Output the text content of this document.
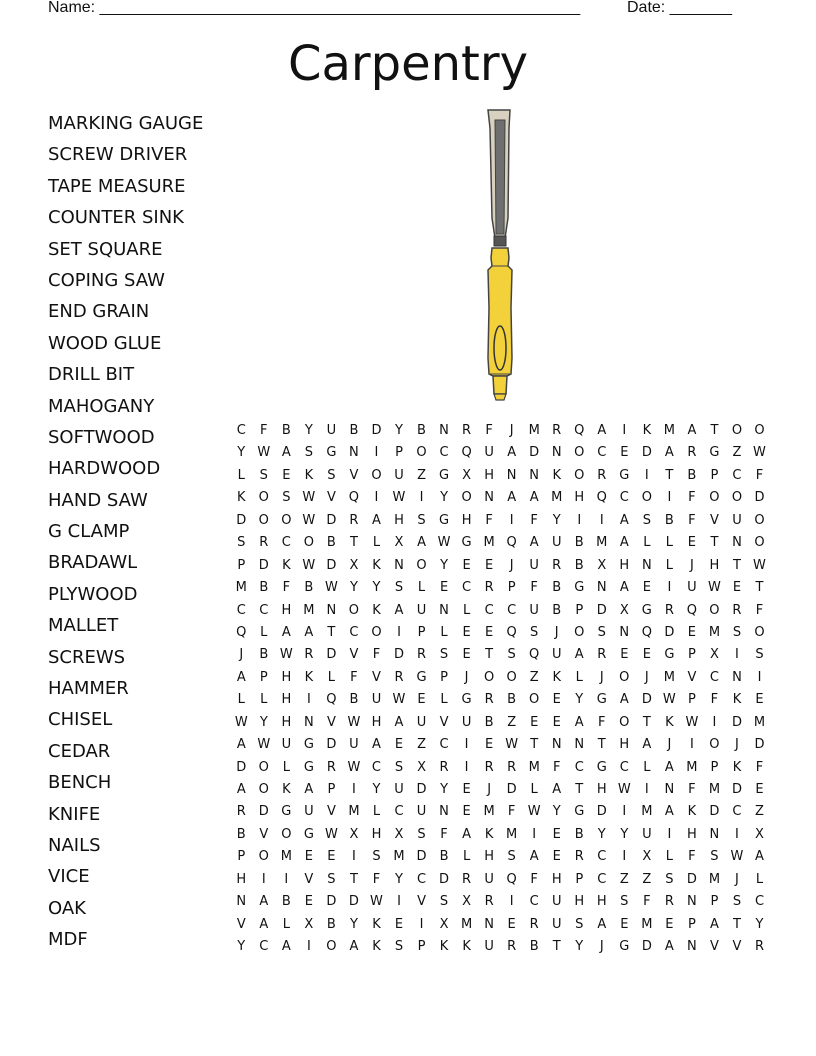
Name: ______________________________________________________	Date: _______
Carpentry
MARKING GAUGE
SCREW DRIVER
TAPE MEASURE
COUNTER SINK
SET SQUARE
COPING SAW
END GRAIN
WOOD GLUE
DRILL BIT
MAHOGANY
SOFTWOOD
HARDWOOD
HAND SAW
G CLAMP
BRADAWL
PLYWOOD
MALLET
SCREWS
HAMMER
CHISEL
CEDAR
BENCH
KNIFE
NAILS
VICE
OAK
MDF
C F B Y U B D Y B N R F J M R Q A I K M A T O O
Y W A S G N I P O C Q U A D N O C E D A R G Z W
L S E K S V O U Z G X H N N K O R G I T B P C F
K O S W V Q I W I Y O N A A M H Q C O I F O O D
D O O W D R A H S G H F I F Y I I A S B F V U O
S R C O B T L X A W G M Q A U B M A L L E T N O
P D K W D X K N O Y E E J U R B X H N L J H T W
M B F B W Y Y S L E C R P F B G N A E I U W E T
C C H M N O K A U N L C C U B P D X G R Q O R F
Q L A A T C O I P L E E Q S J O S N Q D E M S O
J B W R D V F D R S E T S Q U A R E E G P X I S
A P H K L F V R G P J O O Z K L J O J M V C N I
L L H I Q B U W E L G R B O E Y G A D W P F K E
W Y H N V W H A U V U B Z E E A F O T K W I D M
A W U G D U A E Z C I E W T N N T H A J I O J D
D O L G R W C S X R I R R M F C G C L A M P K F
A O K A P I Y U D Y E J D L A T H W I N F M D E
R D G U V M L C U N E M F W Y G D I M A K D C Z
B V O G W X H X S F A K M I E B Y Y U I H N I X
P O M E E I S M D B L H S A E R C I X L F S W A
H I I V S T F Y C D R U Q F H P C Z Z S D M J L
N A B E D D W I V S X R I C U H H S F R N P S C
V A L X B Y K E I X M N E R U S A E M E P A T Y
Y C A I O A K S P K K U R B T Y J G D A N V V R
